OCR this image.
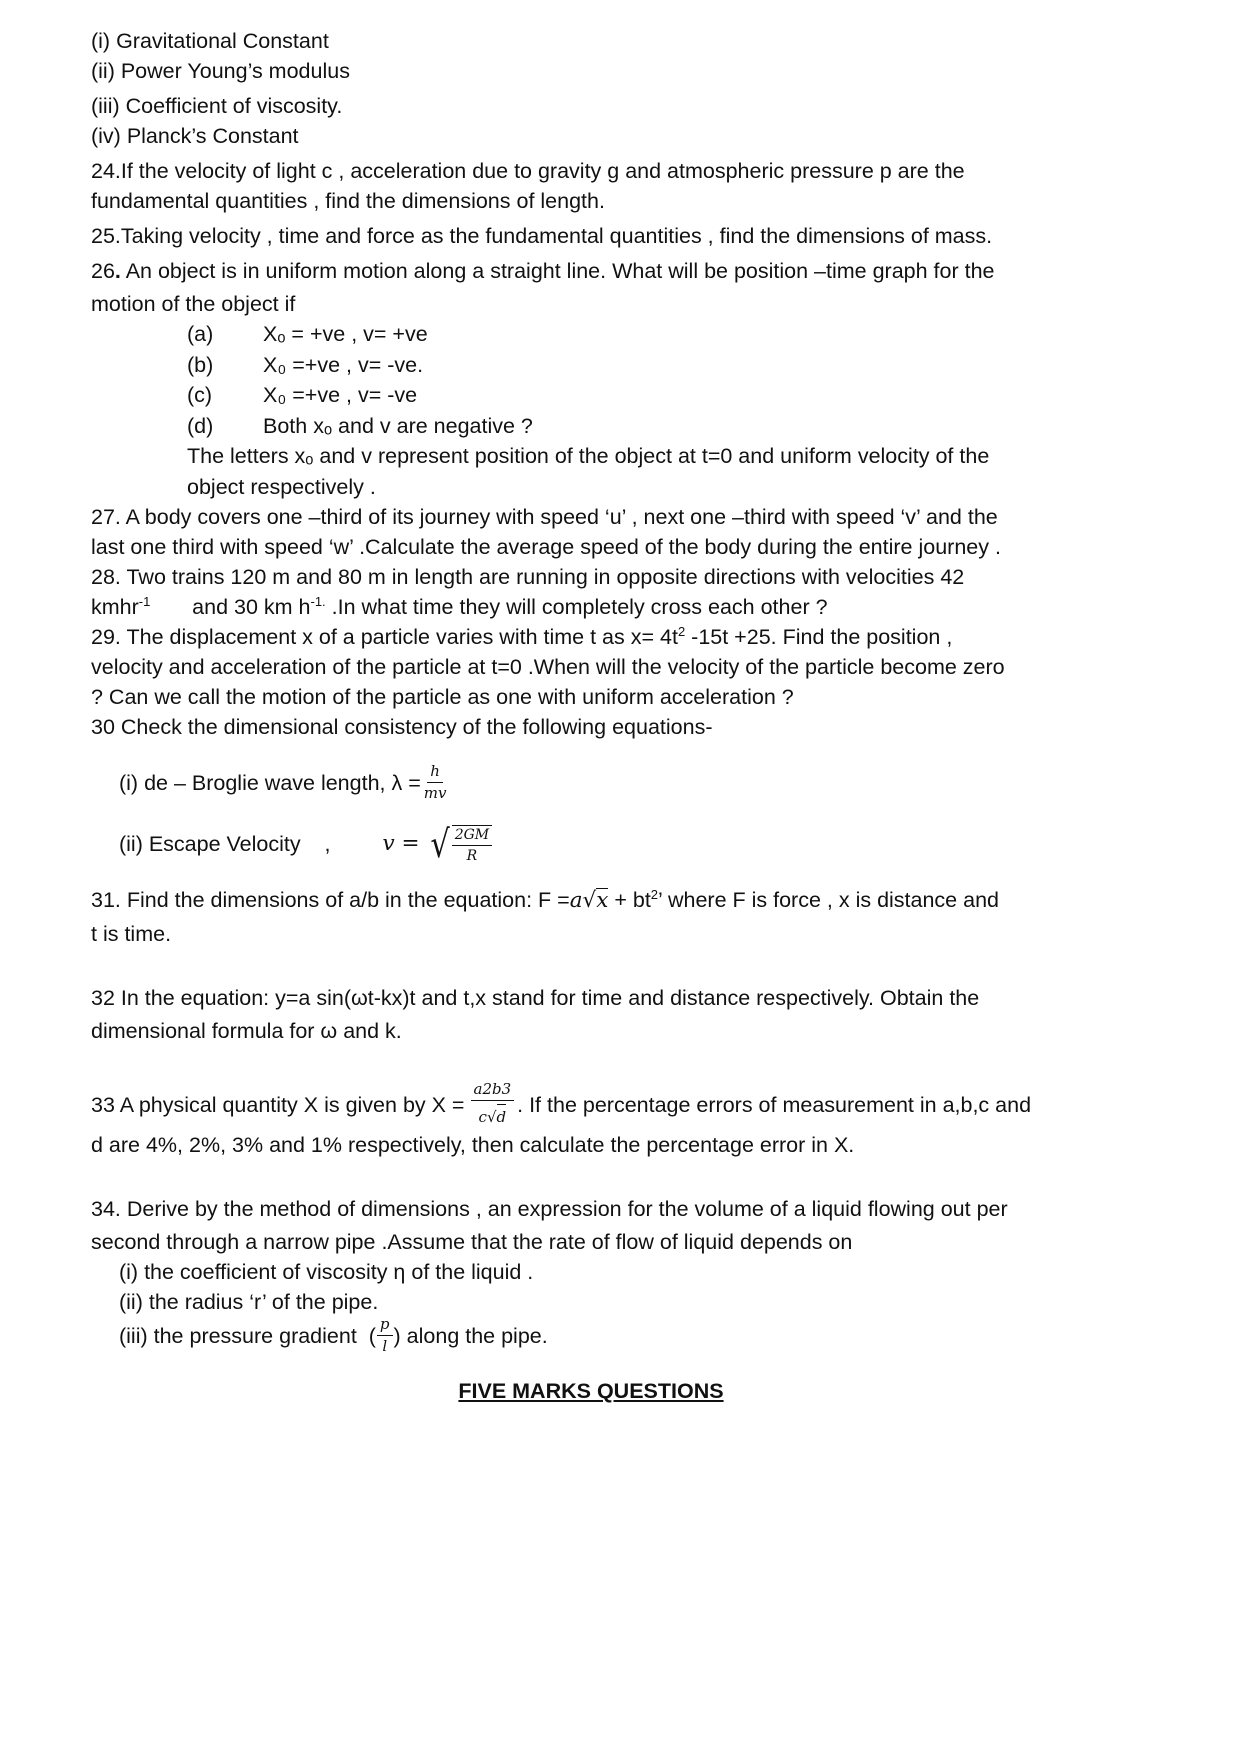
(i) Gravitational Constant
(ii) Power Young’s modulus
(iii) Coefficient of viscosity.
(iv) Planck’s Constant
24.If the velocity of light c , acceleration due to gravity g and atmospheric pressure p are the
fundamental quantities , find the dimensions of length.
25.Taking velocity , time and force as the fundamental quantities , find the dimensions of mass.
26. An object is in uniform motion along a straight line. What will be position –time graph for the
motion of the object if
(a)	Xₒ = +ve , v= +ve
(b)	X₀ =+ve , v= -ve.
(c)	X₀ =+ve , v= -ve
(d)	Both xₒ and v are negative ?
The letters xₒ and v represent position of the object at t=0 and uniform velocity of the
object respectively .
27. A body covers one –third of its journey with speed ‘u’ , next one –third with speed ‘v’ and the
last one third with speed ‘w’ .Calculate the average speed of the body during the entire journey .
28. Two trains 120 m and 80 m in length are running in opposite directions with velocities 42
kmhr$^{-1}$       and 30 km $h^{-1.}$ .In what time they will completely cross each other ?
29. The displacement x of a particle varies with time t as $x= 4t^2$ -15t +25. Find the position ,
velocity and acceleration of the particle at t=0 .When will the velocity of the particle become zero
? Can we call the motion of the particle as one with uniform acceleration ?
30 Check the dimensional consistency of the following equations-
(i) de – Broglie wave length, $\lambda = \frac{h}{mv}$
(ii) Escape Velocity    , v = √ $\frac{2GM}{R}$
31. Find the dimensions of a/b in the equation: F =a √ $x + bt^2$’ where F is force , x is distance and
t is time.
32 In the equation: y=a sin(ωt-kx)t and t,x stand for time and distance respectively. Obtain the
dimensional formula for ω and k.
33 A physical quantity X is given by $X = \frac{a2b3}{c √ d}$ . If the percentage errors of measurement in a,b,c and
d are 4%, 2%, 3% and 1% respectively, then calculate the percentage error in X.
34. Derive by the method of dimensions , an expression for the volume of a liquid flowing out per
second through a narrow pipe .Assume that the rate of flow of liquid depends on
(i) the coefficient of viscosity η of the liquid .
(ii) the radius ‘r’ of the pipe.
(iii) the pressure gradient  ( $\frac{p}{l}$ ) along the pipe.
FIVE MARKS QUESTIONS
